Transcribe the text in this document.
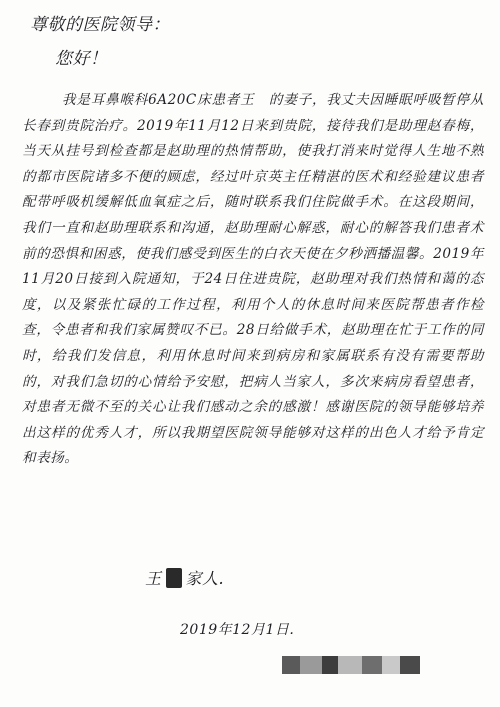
尊敬的医院领导：
您好！
我是耳鼻喉科6A20C床患者王　的妻子，我丈夫因睡眠呼吸暂停从长春到贵院治疗。2019年11月12日来到贵院，接待我们是助理赵春梅，当天从挂号到检查都是赵助理的热情帮助，使我打消来时觉得人生地不熟的都市医院诸多不便的顾虑，经过叶京英主任精湛的医术和经验建议患者配带呼吸机缓解低血氧症之后，随时联系我们住院做手术。在这段期间，我们一直和赵助理联系和沟通，赵助理耐心解惑，耐心的解答我们患者术前的恐惧和困惑，使我们感受到医生的白衣天使在夕秒洒播温馨。2019年11月20日接到入院通知，于24日住进贵院，赵助理对我们热情和蔼的态度，以及紧张忙碌的工作过程，利用个人的休息时间来医院帮患者作检查，令患者和我们家属赞叹不已。28日给做手术，赵助理在忙于工作的同时，给我们发信息，利用休息时间来到病房和家属联系有没有需要帮助的，对我们急切的心情给予安慰，把病人当家人，多次来病房看望患者，对患者无微不至的关心让我们感动之余的感激！感谢医院的领导能够培养出这样的优秀人才，所以我期望医院领导能够对这样的出色人才给予肯定和表扬。
王 家人.
2019年12月1日.
